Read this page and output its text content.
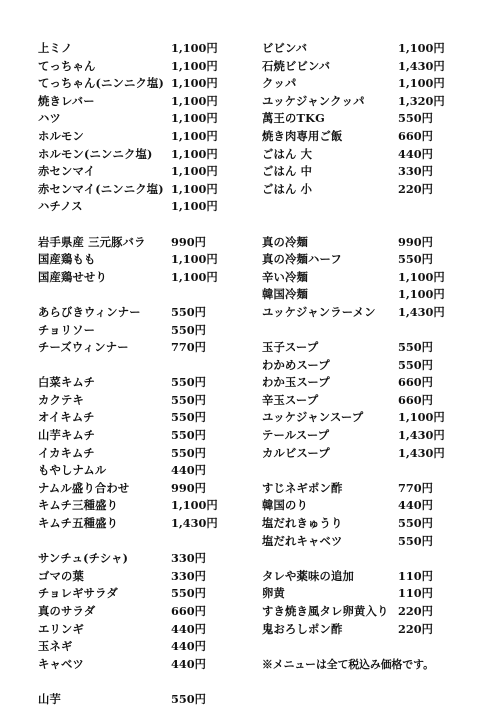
上ミノ	1,100円
てっちゃん	1,100円
てっちゃん(ニンニク塩) 1,100円
焼きレバー	1,100円
ハツ	1,100円
ホルモン	1,100円
ホルモン(ニンニク塩) 1,100円
赤センマイ	1,100円
赤センマイ(ニンニク塩) 1,100円
ハチノス	1,100円
岩手県産 三元豚バラ 990円
国産鶏もも	1,100円
国産鶏せせり	1,100円
あらびきウィンナー	550円
チョリソー	550円
チーズウィンナー	770円
白菜キムチ	550円
カクテキ	550円
オイキムチ	550円
山芋キムチ	550円
イカキムチ	550円
もやしナムル	440円
ナムル盛り合わせ	990円
キムチ三種盛り	1,100円
キムチ五種盛り	1,430円
サンチュ(チシャ)	330円
ゴマの葉	330円
チョレギサラダ	550円
真のサラダ	660円
エリンギ	440円
玉ネギ	440円
キャベツ	440円
山芋	550円
ビビンバ	1,100円
石焼ビビンバ	1,430円
クッパ	1,100円
ユッケジャンクッパ	1,320円
萬王のTKG	550円
焼き肉専用ご飯	660円
ごはん 大	440円
ごはん 中	330円
ごはん 小	220円
真の冷麺	990円
真の冷麺ハーフ	550円
辛い冷麺	1,100円
韓国冷麺	1,100円
ユッケジャンラーメン 1,430円
玉子スープ	550円
わかめスープ	550円
わか玉スープ	660円
辛玉スープ	660円
ユッケジャンスープ	1,100円
テールスープ	1,430円
カルビスープ	1,430円
すじネギポン酢	770円
韓国のり	440円
塩だれきゅうり	550円
塩だれキャベツ	550円
タレや薬味の追加	110円
卵黄	110円
すき焼き風タレ卵黄入り 220円
鬼おろしポン酢	220円
※メニューは全て税込み価格です。
